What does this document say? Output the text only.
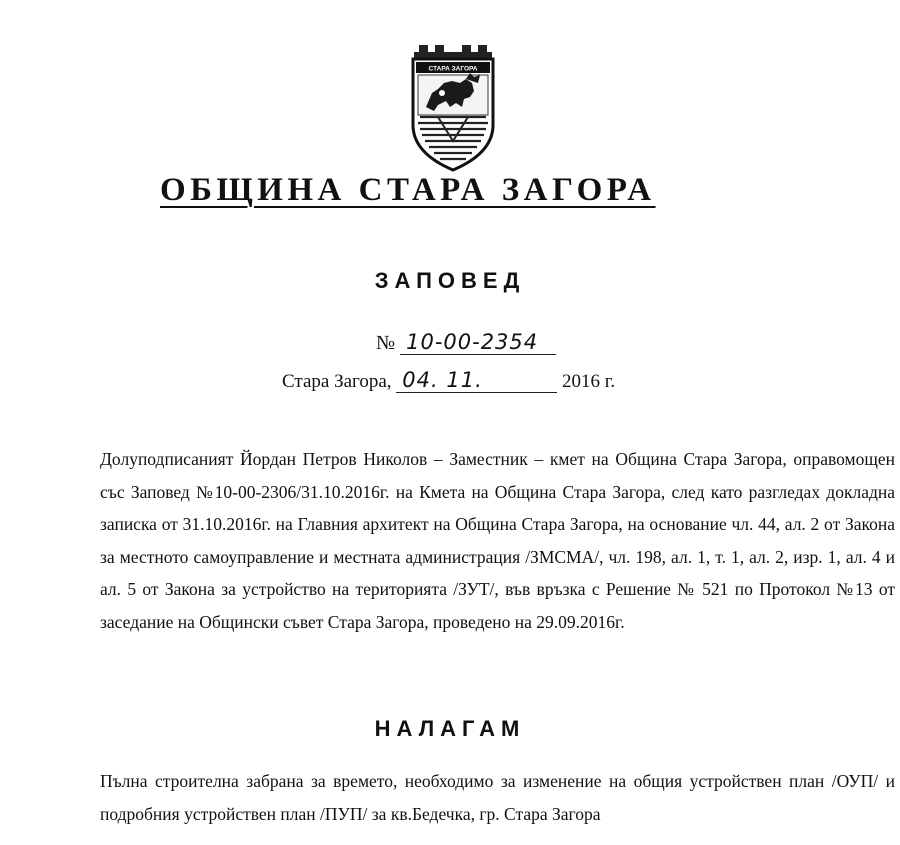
СТАРА ЗАГОРА
ОБЩИНА СТАРА ЗАГОРА
ЗАПОВЕД
№ 10-00-2354
Стара Загора, 04. 11.	2016 г.

Долуподписаният Йордан Петров Николов – Заместник – кмет на Община Стара Загора, оправомощен със Заповед №10-00-2306/31.10.2016г. на Кмета на Община Стара Загора, след като разгледах докладна записка от 31.10.2016г. на Главния архитект на Община Стара Загора, на основание чл. 44, ал. 2 от Закона за местното самоуправление и местната администрация /ЗМСМА/, чл. 198, ал. 1, т. 1, ал. 2, изр. 1, ал. 4 и ал. 5 от Закона за устройство на територията /ЗУТ/, във връзка с Решение № 521 по Протокол №13 от заседание на Общински съвет Стара Загора, проведено на 29.09.2016г.

НАЛАГАМ

Пълна строителна забрана за времето, необходимо за изменение на общия устройствен план /ОУП/ и подробния устройствен план /ПУП/ за кв.Бедечка, гр. Стара Загора
